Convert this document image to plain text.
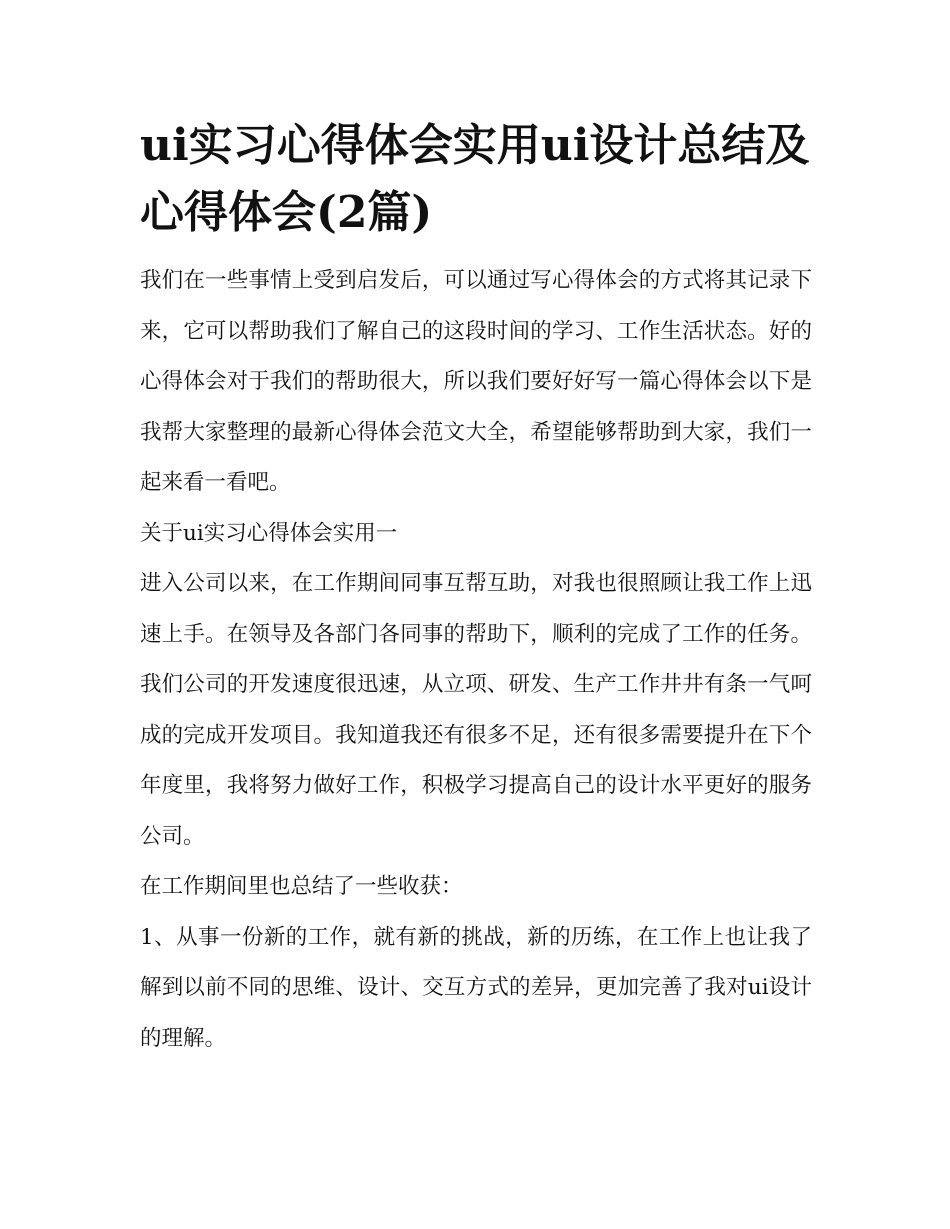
ui实习心得体会实用ui设计总结及心得体会(2篇)

我们在一些事情上受到启发后，可以通过写心得体会的方式将其记录下来，它可以帮助我们了解自己的这段时间的学习、工作生活状态。好的心得体会对于我们的帮助很大，所以我们要好好写一篇心得体会以下是我帮大家整理的最新心得体会范文大全，希望能够帮助到大家，我们一起来看一看吧。

关于ui实习心得体会实用一

进入公司以来，在工作期间同事互帮互助，对我也很照顾让我工作上迅速上手。在领导及各部门各同事的帮助下，顺利的完成了工作的任务。我们公司的开发速度很迅速，从立项、研发、生产工作井井有条一气呵成的完成开发项目。我知道我还有很多不足，还有很多需要提升在下个年度里，我将努力做好工作，积极学习提高自己的设计水平更好的服务公司。

在工作期间里也总结了一些收获：

1、从事一份新的工作，就有新的挑战，新的历练，在工作上也让我了解到以前不同的思维、设计、交互方式的差异，更加完善了我对ui设计的理解。
